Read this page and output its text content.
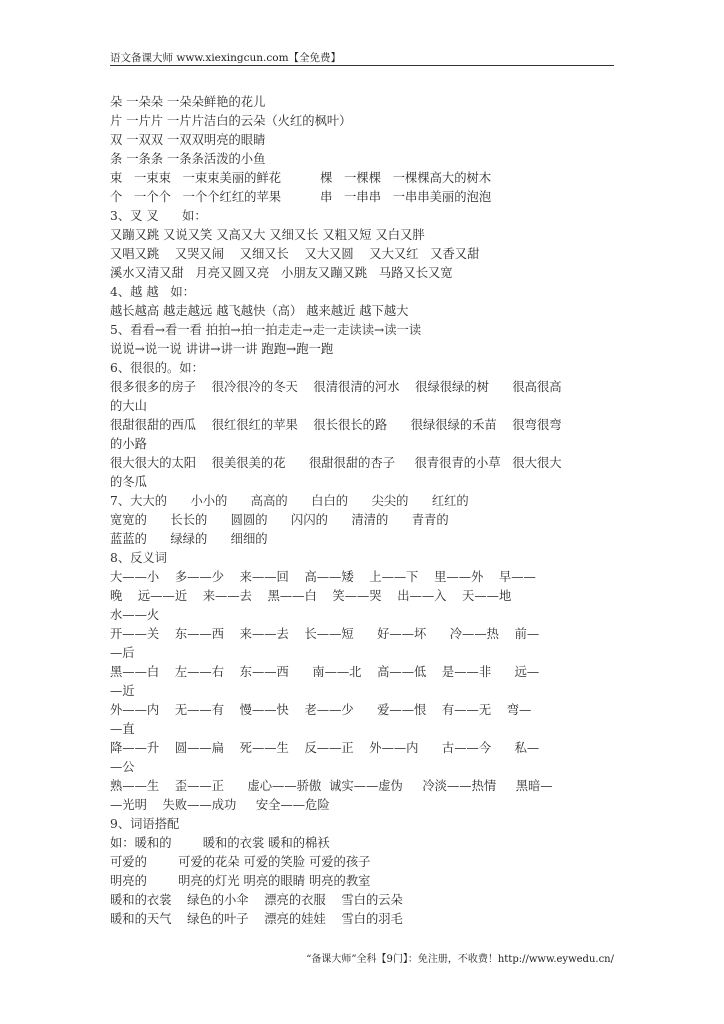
语文备课大师 www.xiexingcun.com【全免费】
朵 一朵朵 一朵朵鲜艳的花儿
片 一片片 一片片洁白的云朵（火红的枫叶）
双 一双双 一双双明亮的眼睛
条 一条条 一条条活泼的小鱼
束   一束束   一束束美丽的鲜花          棵   一棵棵   一棵棵高大的树木
个   一个个   一个个红红的苹果          串   一串串   一串串美丽的泡泡
3、叉 叉      如：
又蹦又跳 又说又笑 又高又大 又细又长 又粗又短 又白又胖
又唱又跳    又哭又闹    又细又长    又大又圆    又大又红   又香又甜
溪水又清又甜   月亮又圆又亮   小朋友又蹦又跳   马路又长又宽
4、越 越   如：
越长越高 越走越远 越飞越快（高） 越来越近 越下越大
5、看看→看一看 拍拍→拍一拍走走→走一走读读→读一读
说说→说一说 讲讲→讲一讲 跑跑→跑一跑
6、很很的。如：
很多很多的房子    很冷很冷的冬天    很清很清的河水    很绿很绿的树      很高很高
的大山
很甜很甜的西瓜    很红很红的苹果    很长很长的路      很绿很绿的禾苗    很弯很弯
的小路
很大很大的太阳    很美很美的花      很甜很甜的杏子     很青很青的小草   很大很大
的冬瓜
7、大大的      小小的      高高的      白白的      尖尖的      红红的
宽宽的      长长的      圆圆的      闪闪的      清清的      青青的
蓝蓝的      绿绿的      细细的
8、反义词
大——小    多——少    来——回    高——矮    上——下    里——外    早——
晚    远——近    来——去    黑——白    笑——哭    出——入    天——地
水——火
开——关    东——西    来——去    长——短      好——坏      冷——热    前—
—后
黑——白    左——右    东——西      南——北    高——低    是——非      远—
—近
外——内    无——有    慢——快    老——少      爱——恨    有——无    弯—
—直
降——升    圆——扁    死——生    反——正    外——内      古——今      私—
—公
熟——生    歪——正      虚心——骄傲  诚实——虚伪     冷淡——热情     黑暗—
—光明    失败——成功     安全——危险
9、词语搭配
如：暖和的        暖和的衣裳 暖和的棉袄
可爱的        可爱的花朵 可爱的笑脸 可爱的孩子
明亮的        明亮的灯光 明亮的眼睛 明亮的教室
暖和的衣裳    绿色的小伞    漂亮的衣服    雪白的云朵
暖和的天气    绿色的叶子    漂亮的娃娃    雪白的羽毛
“备课大师”全科【9门】：免注册，不收费！http://www.eywedu.cn/
